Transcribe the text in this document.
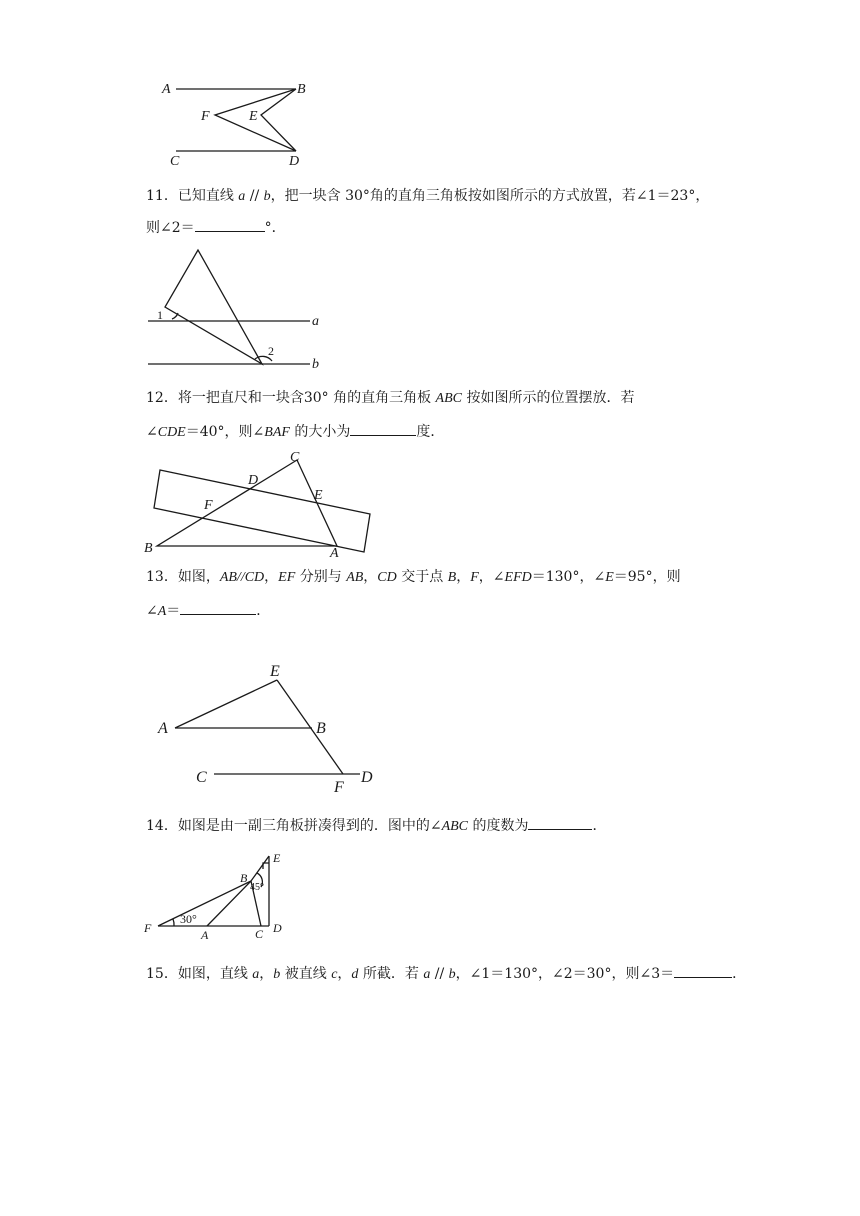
A	B
F	E
C	D
11．已知直线 a // b，把一块含 30°角的直角三角板按如图所示的方式放置，若∠1＝23°，
则∠2＝	°．
1
2
a
b
12．将一把直尺和一块含30° 角的直角三角板 ABC 按如图所示的位置摆放．若
∠CDE＝40°，则∠BAF 的大小为	度．
C
D
E
F
B	A
13．如图，AB//CD，EF 分别与 AB，CD 交于点 B，F，∠EFD＝130°，∠E＝95°，则
∠A＝	．
E
A	B
C	D
F
14．如图是由一副三角板拼凑得到的．图中的∠ABC 的度数为	．
30°
45°
E
B
F	A	C D
15．如图，直线 a，b 被直线 c，d 所截．若 a // b，∠1＝130°，∠2＝30°，则∠3＝	．
